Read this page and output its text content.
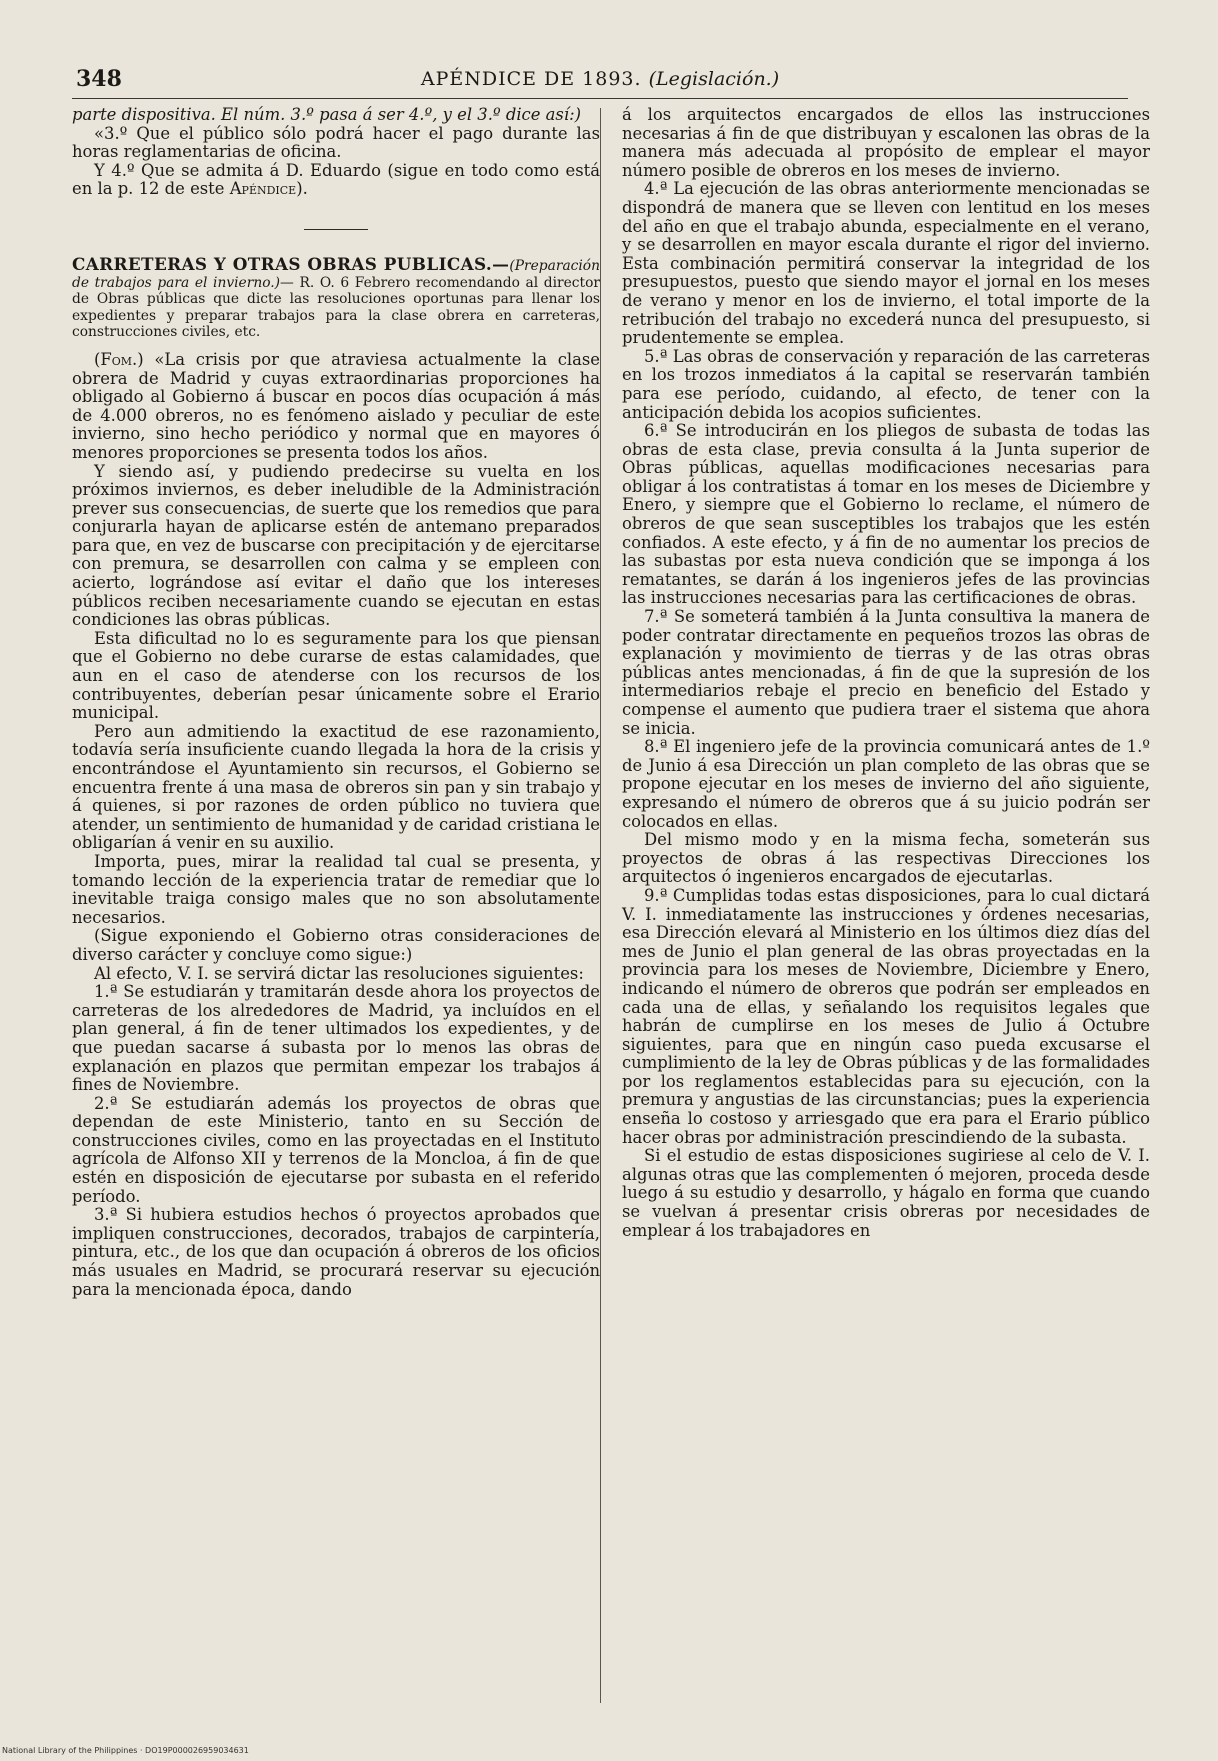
348	APÉNDICE DE 1893. (Legislación.)

parte dispositiva. El núm. 3.º pasa á ser 4.º, y el 3.º dice así:)

«3.º Que el público sólo podrá hacer el pago durante las horas reglamentarias de oficina.

Y 4.º Que se admita á D. Eduardo (sigue en todo como está en la p. 12 de este Apéndice).

CARRETERAS Y OTRAS OBRAS PUBLICAS.—(Preparación de trabajos para el invierno.)— R. O. 6 Febrero recomendando al director de Obras públicas que dicte las resoluciones oportunas para llenar los expedientes y preparar trabajos para la clase obrera en carreteras, construcciones civiles, etc.

(Fom.) «La crisis por que atraviesa actualmente la clase obrera de Madrid y cuyas extraordinarias proporciones ha obligado al Gobierno á buscar en pocos días ocupación á más de 4.000 obreros, no es fenómeno aislado y peculiar de este invierno, sino hecho periódico y normal que en mayores ó menores proporciones se presenta todos los años.

Y siendo así, y pudiendo predecirse su vuelta en los próximos inviernos, es deber ineludible de la Administración prever sus consecuencias, de suerte que los remedios que para conjurarla hayan de aplicarse estén de antemano preparados para que, en vez de buscarse con precipitación y de ejercitarse con premura, se desarrollen con calma y se empleen con acierto, lográndose así evitar el daño que los intereses públicos reciben necesariamente cuando se ejecutan en estas condiciones las obras públicas.

Esta dificultad no lo es seguramente para los que piensan que el Gobierno no debe curarse de estas calamidades, que aun en el caso de atenderse con los recursos de los contribuyentes, deberían pesar únicamente sobre el Erario municipal.

Pero aun admitiendo la exactitud de ese razonamiento, todavía sería insuficiente cuando llegada la hora de la crisis y encontrándose el Ayuntamiento sin recursos, el Gobierno se encuentra frente á una masa de obreros sin pan y sin trabajo y á quienes, si por razones de orden público no tuviera que atender, un sentimiento de humanidad y de caridad cristiana le obligarían á venir en su auxilio.

Importa, pues, mirar la realidad tal cual se presenta, y tomando lección de la experiencia tratar de remediar que lo inevitable traiga consigo males que no son absolutamente necesarios.

(Sigue exponiendo el Gobierno otras consideraciones de diverso carácter y concluye como sigue:)

Al efecto, V. I. se servirá dictar las resoluciones siguientes:

1.ª Se estudiarán y tramitarán desde ahora los proyectos de carreteras de los alrededores de Madrid, ya incluídos en el plan general, á fin de tener ultimados los expedientes, y de que puedan sacarse á subasta por lo menos las obras de explanación en plazos que permitan empezar los trabajos á fines de Noviembre.

2.ª Se estudiarán además los proyectos de obras que dependan de este Ministerio, tanto en su Sección de construcciones civiles, como en las proyectadas en el Instituto agrícola de Alfonso XII y terrenos de la Moncloa, á fin de que estén en disposición de ejecutarse por subasta en el referido período.

3.ª Si hubiera estudios hechos ó proyectos aprobados que impliquen construcciones, decorados, trabajos de carpintería, pintura, etc., de los que dan ocupación á obreros de los oficios más usuales en Madrid, se procurará reservar su ejecución para la mencionada época, dando

á los arquitectos encargados de ellos las instrucciones necesarias á fin de que distribuyan y escalonen las obras de la manera más adecuada al propósito de emplear el mayor número posible de obreros en los meses de invierno.

4.ª La ejecución de las obras anteriormente mencionadas se dispondrá de manera que se lleven con lentitud en los meses del año en que el trabajo abunda, especialmente en el verano, y se desarrollen en mayor escala durante el rigor del invierno. Esta combinación permitirá conservar la integridad de los presupuestos, puesto que siendo mayor el jornal en los meses de verano y menor en los de invierno, el total importe de la retribución del trabajo no excederá nunca del presupuesto, si prudentemente se emplea.

5.ª Las obras de conservación y reparación de las carreteras en los trozos inmediatos á la capital se reservarán también para ese período, cuidando, al efecto, de tener con la anticipación debida los acopios suficientes.

6.ª Se introducirán en los pliegos de subasta de todas las obras de esta clase, previa consulta á la Junta superior de Obras públicas, aquellas modificaciones necesarias para obligar á los contratistas á tomar en los meses de Diciembre y Enero, y siempre que el Gobierno lo reclame, el número de obreros de que sean susceptibles los trabajos que les estén confiados. A este efecto, y á fin de no aumentar los precios de las subastas por esta nueva condición que se imponga á los rematantes, se darán á los ingenieros jefes de las provincias las instrucciones necesarias para las certificaciones de obras.

7.ª Se someterá también á la Junta consultiva la manera de poder contratar directamente en pequeños trozos las obras de explanación y movimiento de tierras y de las otras obras públicas antes mencionadas, á fin de que la supresión de los intermediarios rebaje el precio en beneficio del Estado y compense el aumento que pudiera traer el sistema que ahora se inicia.

8.ª El ingeniero jefe de la provincia comunicará antes de 1.º de Junio á esa Dirección un plan completo de las obras que se propone ejecutar en los meses de invierno del año siguiente, expresando el número de obreros que á su juicio podrán ser colocados en ellas.

Del mismo modo y en la misma fecha, someterán sus proyectos de obras á las respectivas Direcciones los arquitectos ó ingenieros encargados de ejecutarlas.

9.ª Cumplidas todas estas disposiciones, para lo cual dictará V. I. inmediatamente las instrucciones y órdenes necesarias, esa Dirección elevará al Ministerio en los últimos diez días del mes de Junio el plan general de las obras proyectadas en la provincia para los meses de Noviembre, Diciembre y Enero, indicando el número de obreros que podrán ser empleados en cada una de ellas, y señalando los requisitos legales que habrán de cumplirse en los meses de Julio á Octubre siguientes, para que en ningún caso pueda excusarse el cumplimiento de la ley de Obras públicas y de las formalidades por los reglamentos establecidas para su ejecución, con la premura y angustias de las circunstancias; pues la experiencia enseña lo costoso y arriesgado que era para el Erario público hacer obras por administración prescindiendo de la subasta.

Si el estudio de estas disposiciones sugiriese al celo de V. I. algunas otras que las complementen ó mejoren, proceda desde luego á su estudio y desarrollo, y hágalo en forma que cuando se vuelvan á presentar crisis obreras por necesidades de emplear á los trabajadores en

National Library of the Philippines · DO19P000026959034631
